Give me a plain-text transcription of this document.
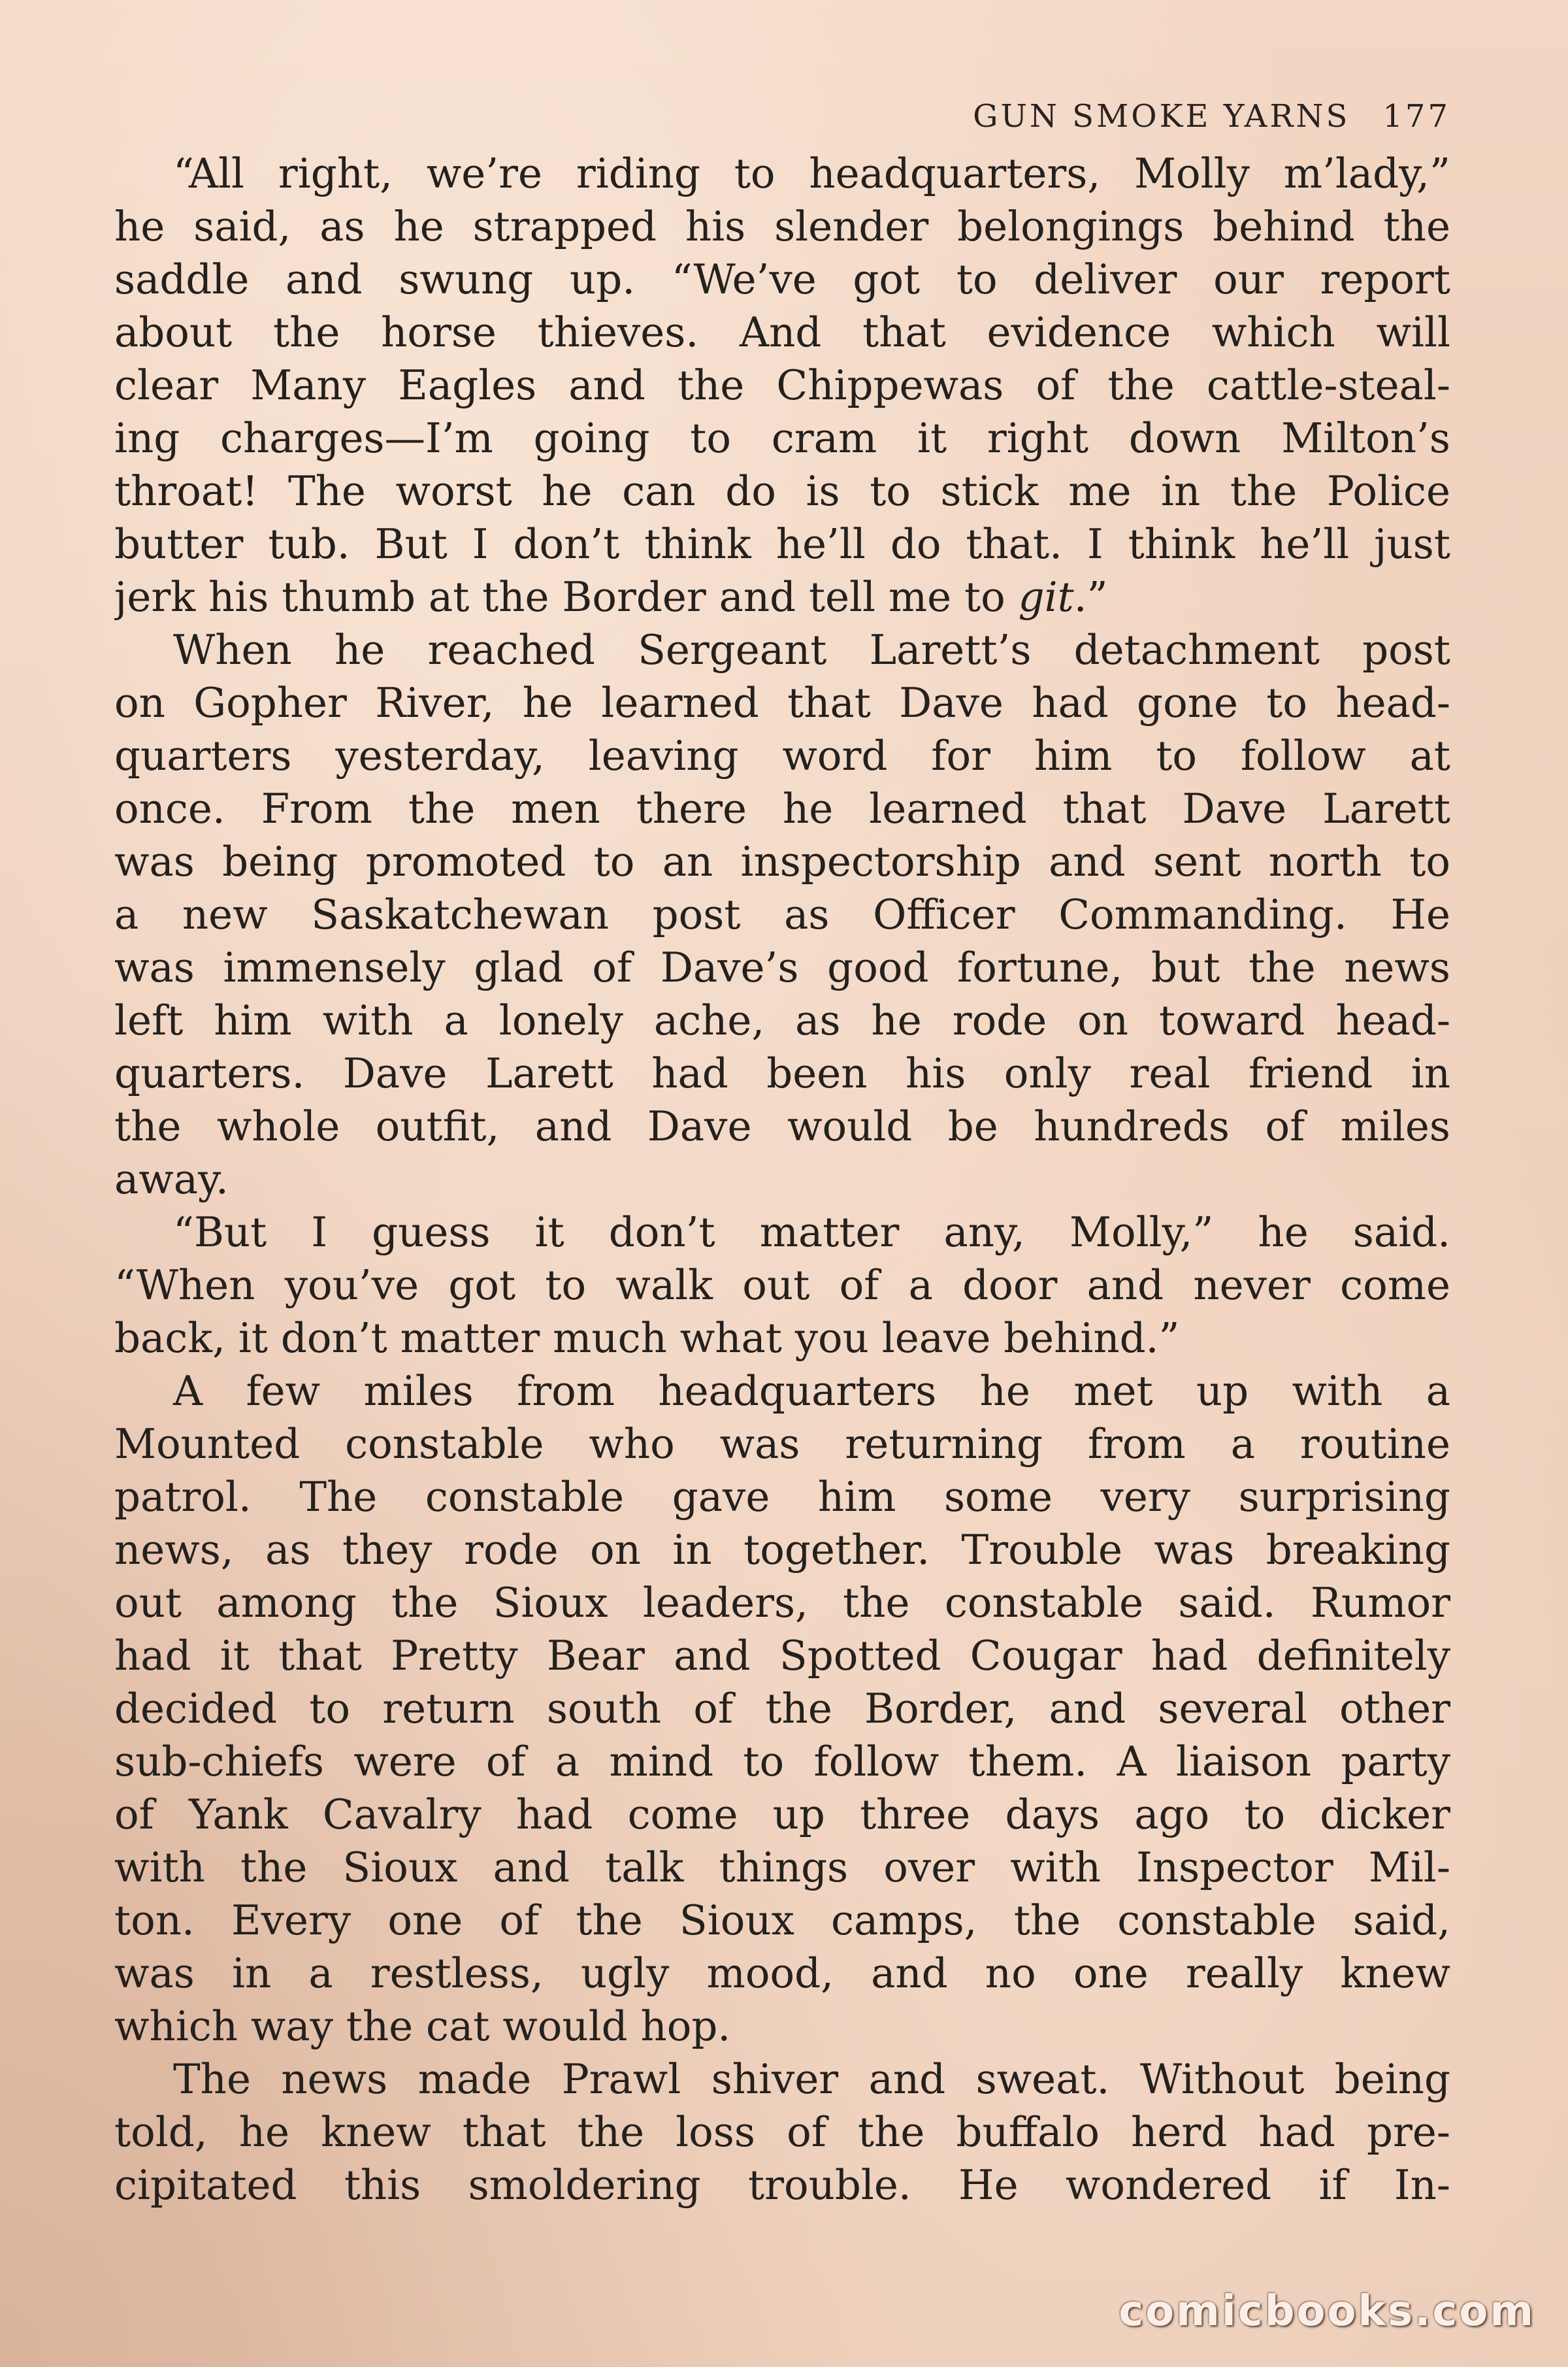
GUN SMOKE YARNS 177
“All right, we’re riding to headquarters, Molly m’lady,”
he said, as he strapped his slender belongings behind the
saddle and swung up. “We’ve got to deliver our report
about the horse thieves. And that evidence which will
clear Many Eagles and the Chippewas of the cattle-steal-
ing charges—I’m going to cram it right down Milton’s
throat! The worst he can do is to stick me in the Police
butter tub. But I don’t think he’ll do that. I think he’ll just
jerk his thumb at the Border and tell me to git.”
When he reached Sergeant Larett’s detachment post
on Gopher River, he learned that Dave had gone to head-
quarters yesterday, leaving word for him to follow at
once. From the men there he learned that Dave Larett
was being promoted to an inspectorship and sent north to
a new Saskatchewan post as Officer Commanding. He
was immensely glad of Dave’s good fortune, but the news
left him with a lonely ache, as he rode on toward head-
quarters. Dave Larett had been his only real friend in
the whole outfit, and Dave would be hundreds of miles
away.
“But I guess it don’t matter any, Molly,” he said.
“When you’ve got to walk out of a door and never come
back, it don’t matter much what you leave behind.”
A few miles from headquarters he met up with a
Mounted constable who was returning from a routine
patrol. The constable gave him some very surprising
news, as they rode on in together. Trouble was breaking
out among the Sioux leaders, the constable said. Rumor
had it that Pretty Bear and Spotted Cougar had definitely
decided to return south of the Border, and several other
sub-chiefs were of a mind to follow them. A liaison party
of Yank Cavalry had come up three days ago to dicker
with the Sioux and talk things over with Inspector Mil-
ton. Every one of the Sioux camps, the constable said,
was in a restless, ugly mood, and no one really knew
which way the cat would hop.
The news made Prawl shiver and sweat. Without being
told, he knew that the loss of the buffalo herd had pre-
cipitated this smoldering trouble. He wondered if In-
comicbooks.com
